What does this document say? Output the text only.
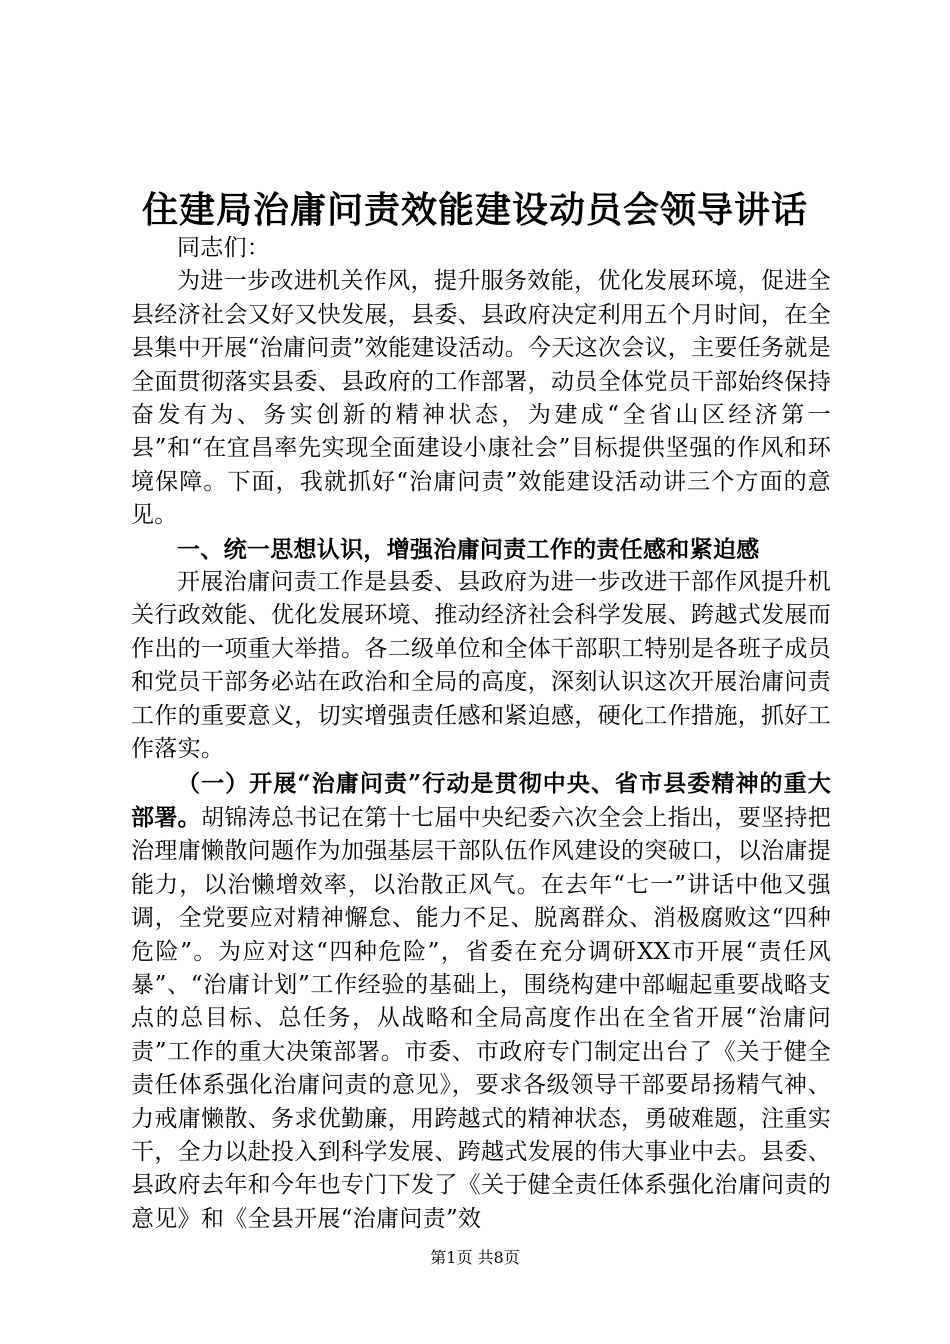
住建局治庸问责效能建设动员会领导讲话

同志们：

为进一步改进机关作风，提升服务效能，优化发展环境，促进全县经济社会又好又快发展，县委、县政府决定利用五个月时间，在全县集中开展“治庸问责”效能建设活动。今天这次会议，主要任务就是全面贯彻落实县委、县政府的工作部署，动员全体党员干部始终保持奋发有为、务实创新的精神状态，为建成“全省山区经济第一县”和“在宜昌率先实现全面建设小康社会”目标提供坚强的作风和环境保障。下面，我就抓好“治庸问责”效能建设活动讲三个方面的意见。

一、统一思想认识，增强治庸问责工作的责任感和紧迫感

开展治庸问责工作是县委、县政府为进一步改进干部作风提升机关行政效能、优化发展环境、推动经济社会科学发展、跨越式发展而作出的一项重大举措。各二级单位和全体干部职工特别是各班子成员和党员干部务必站在政治和全局的高度，深刻认识这次开展治庸问责工作的重要意义，切实增强责任感和紧迫感，硬化工作措施，抓好工作落实。

（一）开展“治庸问责”行动是贯彻中央、省市县委精神的重大部署。胡锦涛总书记在第十七届中央纪委六次全会上指出，要坚持把治理庸懒散问题作为加强基层干部队伍作风建设的突破口，以治庸提能力，以治懒增效率，以治散正风气。在去年“七一”讲话中他又强调，全党要应对精神懈怠、能力不足、脱离群众、消极腐败这“四种危险”。为应对这“四种危险”，省委在充分调研XX市开展“责任风暴”、“治庸计划”工作经验的基础上，围绕构建中部崛起重要战略支点的总目标、总任务，从战略和全局高度作出在全省开展“治庸问责”工作的重大决策部署。市委、市政府专门制定出台了《关于健全责任体系强化治庸问责的意见》，要求各级领导干部要昂扬精气神、力戒庸懒散、务求优勤廉，用跨越式的精神状态，勇破难题，注重实干，全力以赴投入到科学发展、跨越式发展的伟大事业中去。县委、县政府去年和今年也专门下发了《关于健全责任体系强化治庸问责的意见》和《全县开展“治庸问责”效

第1页 共8页
